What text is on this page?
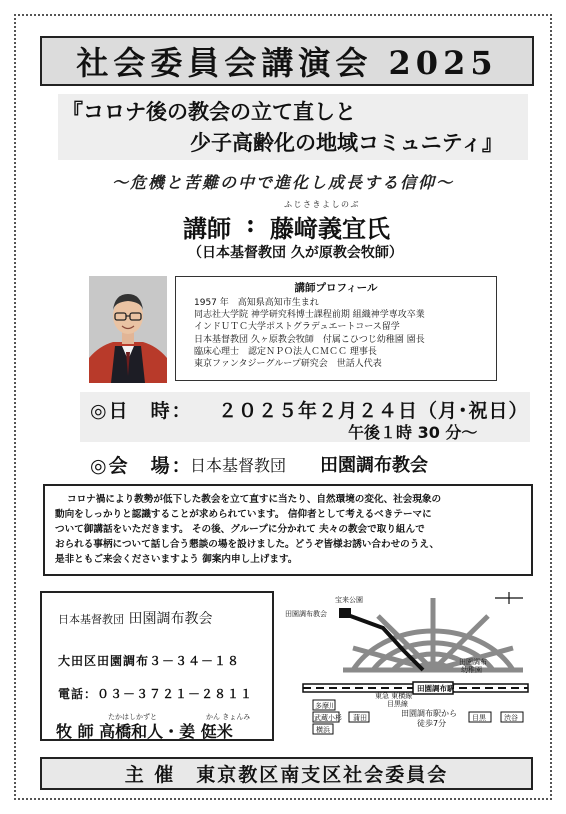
社会委員会講演会 2025
『コロナ後の教会の立て直しと
少子高齢化の地域コミュニティ』
～危機と苦難の中で進化し成長する信仰～
ふじさきよしのぶ
講師 : 藤﨑義宜氏
（日本基督教団 久が原教会牧師）
講師プロフィール
1957 年　高知県高知市生まれ
同志社大学院 神学研究科博士課程前期 組織神学専攻卒業
インドＵＴＣ大学ポストグラデュエートコース留学
日本基督教団 久ヶ原教会牧師　付属こひつじ幼稚園 園長
臨床心理士　認定ＮＰＯ法人ＣＭＣＣ 理事長
東京ファンタジーグループ研究会　世話人代表
◎日　時： ２０２５年２月２４日（月･祝日）
午後１時 30 分～
◎会　場：
日本基督教団 田園調布教会
コロナ禍により教勢が低下した教会を立て直すに当たり、自然環境の変化、社会現象の
動向をしっかりと認識することが求められています。 信仰者として考えるべきテーマに
ついて御講話をいただきます。 その後、グループに分かれて 夫々の教会で取り組んで
おられる事柄について話し合う懇談の場を設けました。どうぞ皆様お誘い合わせのうえ、
是非ともご来会くださいますよう 御案内申し上げます。
日本基督教団 田園調布教会
大田区田園調布３－３４－１８
電話：０３－３７２１－２８１１
たかはしかずと	かん きょんみ
牧 師 高橋和人・姜 侹米
田園調布教会
宝来公園
田園調布
幼稚園
田園調布駅
東急 東横線
目黒線
多摩川
武蔵小杉
横浜
蒲田	目黒	渋谷
田園調布駅から
徒歩7分
主 催　東京教区南支区社会委員会
